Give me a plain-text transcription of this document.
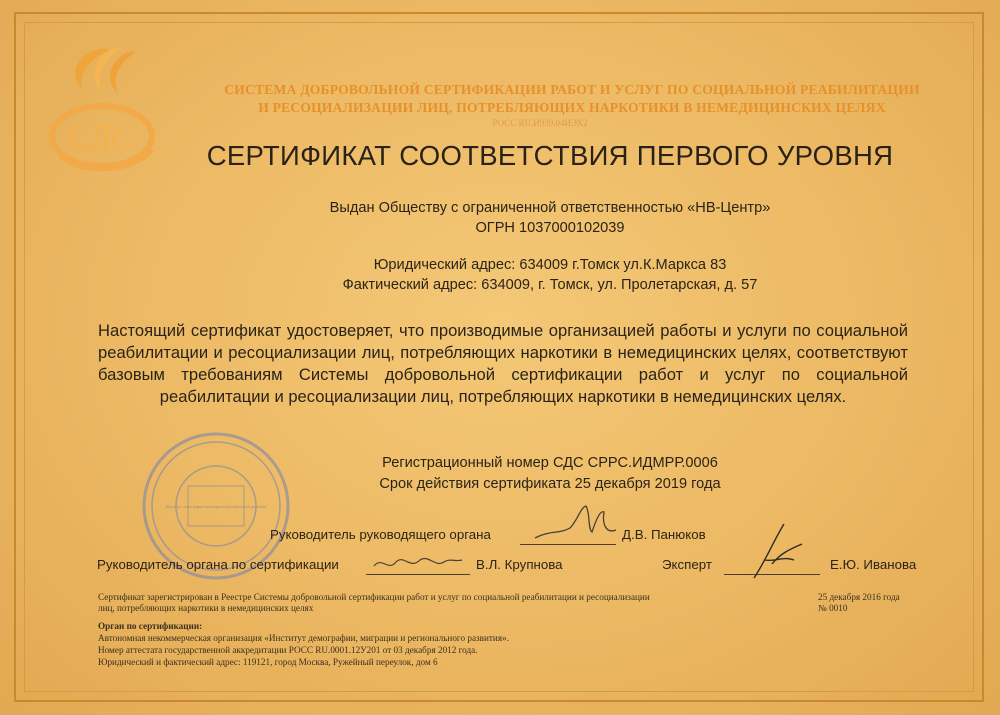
СДС
СИСТЕМА ДОБРОВОЛЬНОЙ СЕРТИФИКАЦИИ РАБОТ И УСЛУГ ПО СОЦИАЛЬНОЙ РЕАБИЛИТАЦИИ
И РЕСОЦИАЛИЗАЦИИ ЛИЦ, ПОТРЕБЛЯЮЩИХ НАРКОТИКИ В НЕМЕДИЦИНСКИХ ЦЕЛЯХ
РОСС RU.И939.04ИЭХ2
СЕРТИФИКАТ СООТВЕТСТВИЯ ПЕРВОГО УРОВНЯ
Выдан Обществу с ограниченной ответственностью «НВ-Центр»
ОГРН 1037000102039
Юридический адрес: 634009 г.Томск ул.К.Маркса 83
Фактический адрес: 634009, г. Томск, ул. Пролетарская, д. 57
Настоящий сертификат удостоверяет, что производимые организацией работы и услуги по социальной реабилитации и ресоциализации лиц, потребляющих наркотики в немедицинских целях, соответствуют базовым требованиям Системы добровольной сертификации работ и услуг по социальной реабилитации и ресоциализации лиц, потребляющих наркотики в немедицинских целях.
Институт демографии миграции и регионального развития
Регистрационный номер СДС СРРС.ИДМРР.0006
Срок действия сертификата 25 декабря 2019 года
Руководитель руководящего органа	Д.В. Панюков
Руководитель органа по сертификации	В.Л. Крупнова	Эксперт	Е.Ю. Иванова
Сертификат зарегистрирован в Реестре Системы добровольной сертификации работ и услуг по социальной реабилитации и ресоциализации
лиц, потребляющих наркотики в немедицинских целях
25 декабря 2016 года
№ 0010
Орган по сертификации:
Автономная некоммерческая организация «Институт демографии, миграции и регионального развития».
Номер аттестата государственной аккредитации РОСС RU.0001.12У201 от 03 декабря 2012 года.
Юридический и фактический адрес: 119121, город Москва, Ружейный переулок, дом 6
